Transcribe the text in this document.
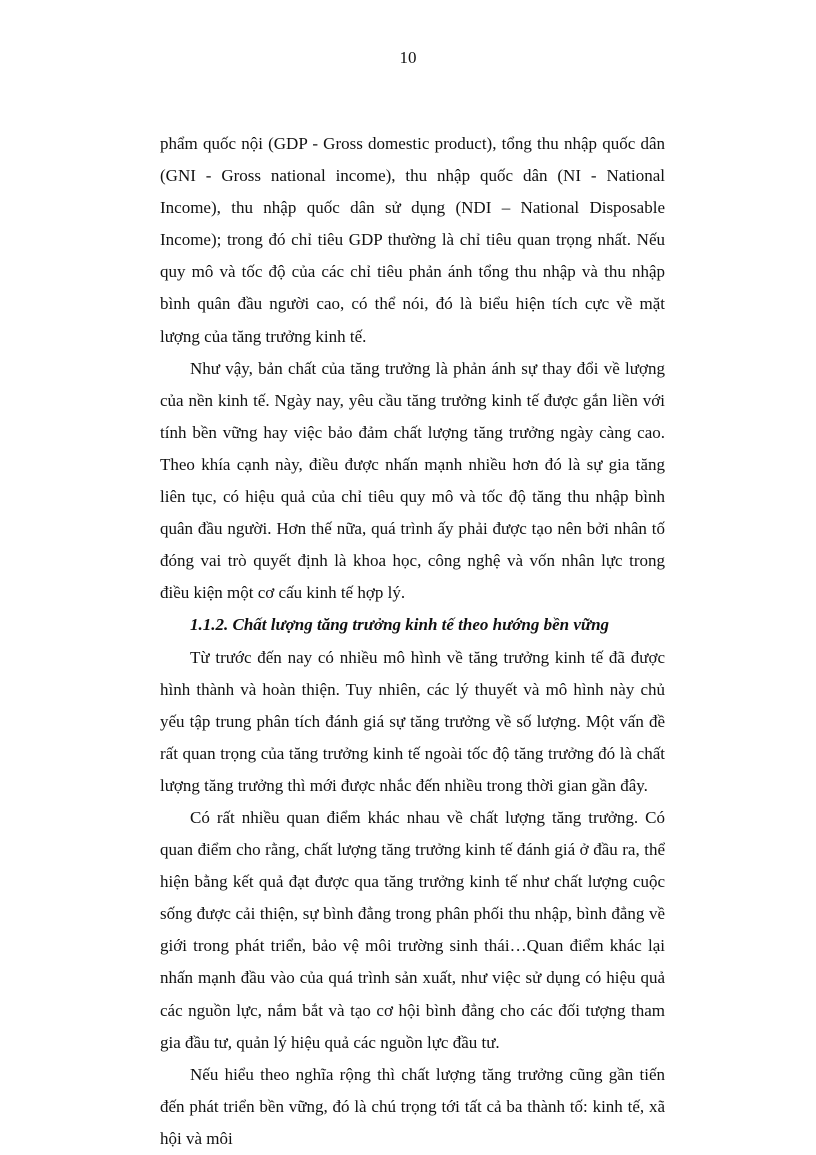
10

phẩm quốc nội (GDP - Gross domestic product), tổng thu nhập quốc dân (GNI - Gross national income), thu nhập quốc dân (NI - National Income), thu nhập quốc dân sử dụng (NDI – National Disposable Income); trong đó chỉ tiêu GDP thường là chỉ tiêu quan trọng nhất. Nếu quy mô và tốc độ của các chỉ tiêu phản ánh tổng thu nhập và thu nhập bình quân đầu người cao, có thể nói, đó là biểu hiện tích cực về mặt lượng của tăng trưởng kinh tế.

Như vậy, bản chất của tăng trưởng là phản ánh sự thay đổi về lượng của nền kinh tế. Ngày nay, yêu cầu tăng trưởng kinh tế được gắn liền với tính bền vững hay việc bảo đảm chất lượng tăng trưởng ngày càng cao. Theo khía cạnh này, điều được nhấn mạnh nhiều hơn đó là sự gia tăng liên tục, có hiệu quả của chỉ tiêu quy mô và tốc độ tăng thu nhập bình quân đầu người. Hơn thế nữa, quá trình ấy phải được tạo nên bởi nhân tố đóng vai trò quyết định là khoa học, công nghệ và vốn nhân lực trong điều kiện một cơ cấu kinh tế hợp lý.

1.1.2. Chất lượng tăng trưởng kinh tế theo hướng bền vững

Từ trước đến nay có nhiều mô hình về tăng trưởng kinh tế đã được hình thành và hoàn thiện. Tuy nhiên, các lý thuyết và mô hình này chủ yếu tập trung phân tích đánh giá sự tăng trưởng về số lượng. Một vấn đề rất quan trọng của tăng trưởng kinh tế ngoài tốc độ tăng trưởng đó là chất lượng tăng trưởng thì mới được nhắc đến nhiều trong thời gian gần đây.

Có rất nhiều quan điểm khác nhau về chất lượng tăng trưởng. Có quan điểm cho rằng, chất lượng tăng trưởng kinh tế đánh giá ở đầu ra, thể hiện bằng kết quả đạt được qua tăng trưởng kinh tế như chất lượng cuộc sống được cải thiện, sự bình đẳng trong phân phối thu nhập, bình đẳng về giới trong phát triển, bảo vệ môi trường sinh thái…Quan điểm khác lại nhấn mạnh đầu vào của quá trình sản xuất, như việc sử dụng có hiệu quả các nguồn lực, nắm bắt và tạo cơ hội bình đẳng cho các đối tượng tham gia đầu tư, quản lý hiệu quả các nguồn lực đầu tư.

Nếu hiểu theo nghĩa rộng thì chất lượng tăng trưởng cũng gần tiến đến phát triển bền vững, đó là chú trọng tới tất cả ba thành tố: kinh tế, xã hội và môi
